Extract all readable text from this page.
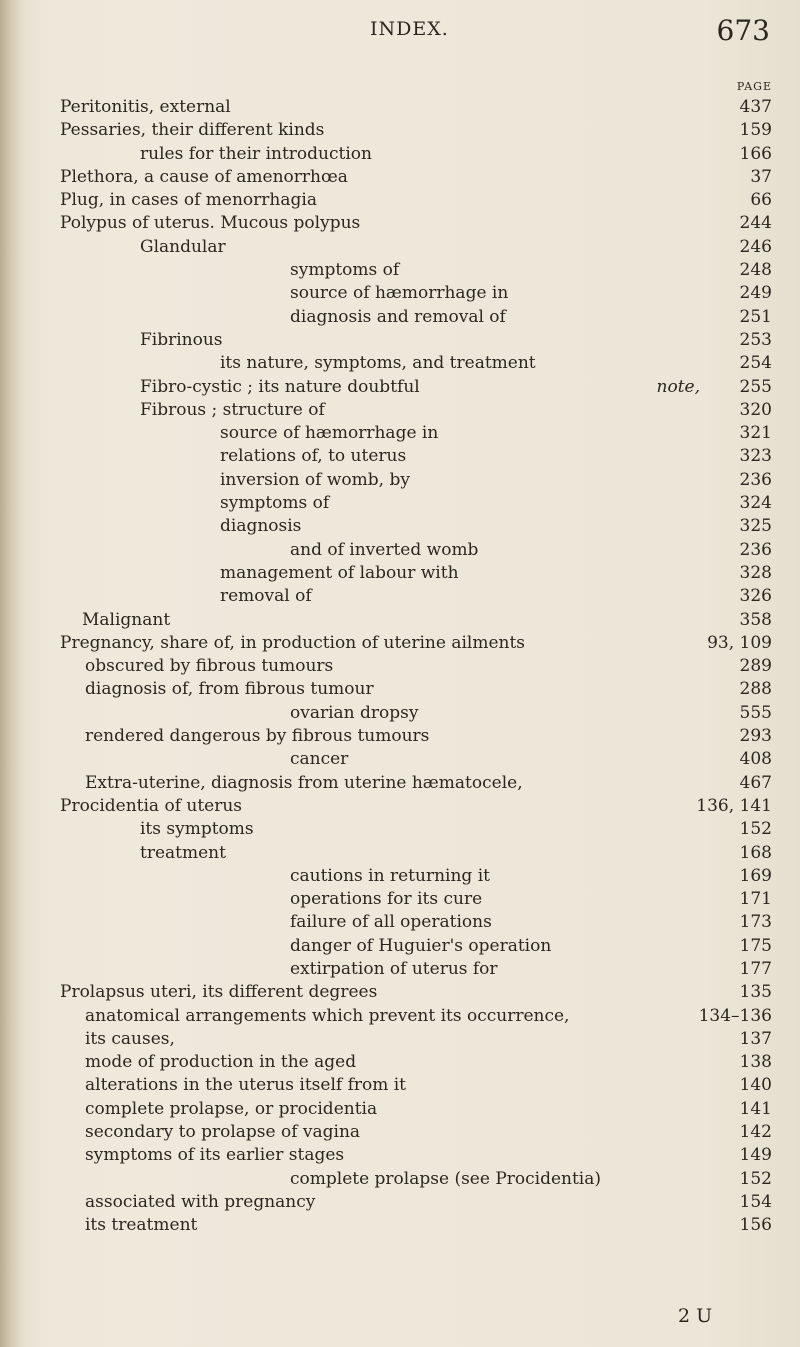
INDEX.	673
PAGE
Peritonitis, external	437
Pessaries, their different kinds	159
rules for their introduction	166
Plethora, a cause of amenorrhœa	37
Plug, in cases of menorrhagia	66
Polypus of uterus. Mucous polypus	244
Glandular	246
symptoms of	248
source of hæmorrhage in	249
diagnosis and removal of	251
Fibrinous	253
its nature, symptoms, and treatment	254
Fibro-cystic ; its nature doubtful	note, 255
Fibrous ; structure of	320
source of hæmorrhage in	321
relations of, to uterus	323
inversion of womb, by	236
symptoms of	324
diagnosis	325
and of inverted womb	236
management of labour with	328
removal of	326
Malignant	358
Pregnancy, share of, in production of uterine ailments	93, 109
obscured by fibrous tumours	289
diagnosis of, from fibrous tumour	288
ovarian dropsy	555
rendered dangerous by fibrous tumours	293
cancer	408
Extra-uterine, diagnosis from uterine hæmatocele,	467
Procidentia of uterus	136, 141
its symptoms	152
treatment	168
cautions in returning it	169
operations for its cure	171
failure of all operations	173
danger of Huguier's operation	175
extirpation of uterus for	177
Prolapsus uteri, its different degrees	135
anatomical arrangements which prevent its occurrence,	134–136
its causes,	137
mode of production in the aged	138
alterations in the uterus itself from it	140
complete prolapse, or procidentia	141
secondary to prolapse of vagina	142
symptoms of its earlier stages	149
complete prolapse (see Procidentia)	152
associated with pregnancy	154
its treatment	156
2 U
